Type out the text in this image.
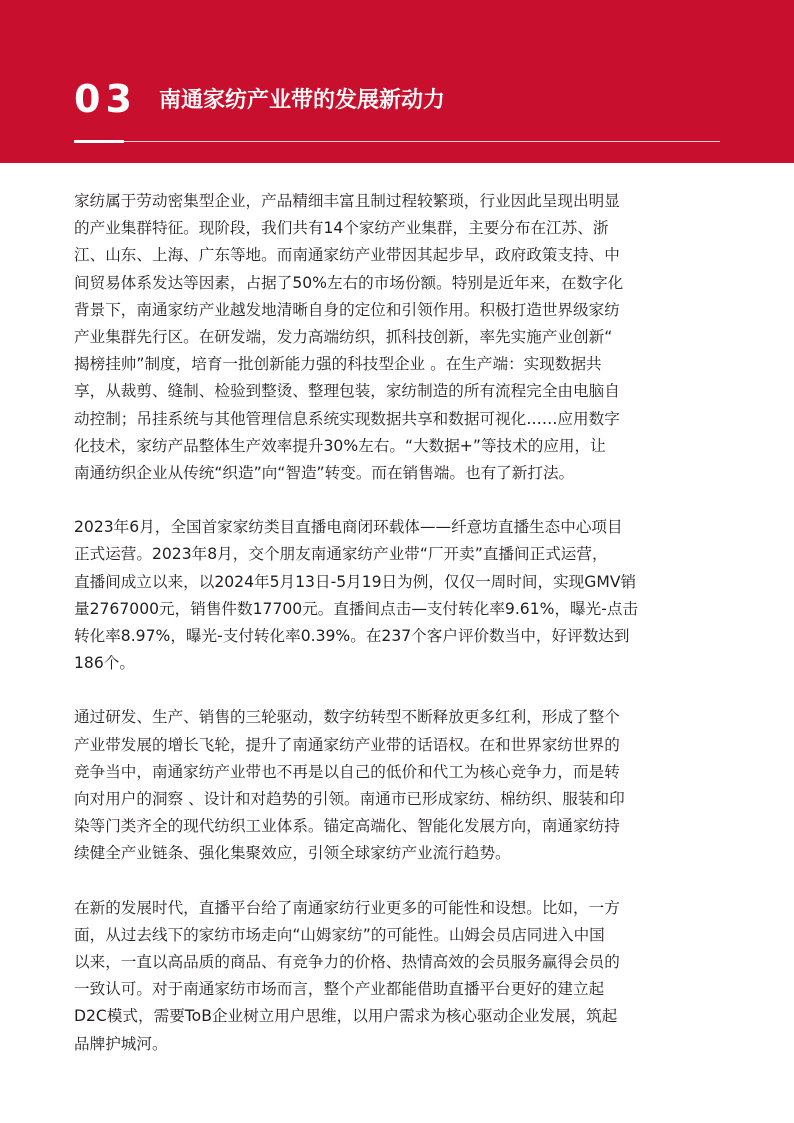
03 南通家纺产业带的发展新动力

家纺属于劳动密集型企业，产品精细丰富且制过程较繁琐，行业因此呈现出明显
的产业集群特征。现阶段，我们共有14个家纺产业集群，主要分布在江苏、浙
江、山东、上海、广东等地。而南通家纺产业带因其起步早，政府政策支持、中
间贸易体系发达等因素，占据了50%左右的市场份额。特别是近年来，在数字化
背景下，南通家纺产业越发地清晰自身的定位和引领作用。积极打造世界级家纺
产业集群先行区。在研发端，发力高端纺织，抓科技创新，率先实施产业创新“
揭榜挂帅”制度，培育一批创新能力强的科技型企业 。在生产端：实现数据共
享，从裁剪、缝制、检验到整烫、整理包装，家纺制造的所有流程完全由电脑自
动控制；吊挂系统与其他管理信息系统实现数据共享和数据可视化……应用数字
化技术，家纺产品整体生产效率提升30%左右。“大数据+”等技术的应用，让
南通纺织企业从传统“织造”向“智造”转变。而在销售端。也有了新打法。

2023年6月，全国首家家纺类目直播电商闭环载体——纤意坊直播生态中心项目
正式运营。2023年8月，交个朋友南通家纺产业带“厂开卖”直播间正式运营，
直播间成立以来，以2024年5月13日-5月19日为例，仅仅一周时间，实现GMV销
量2767000元，销售件数17700元。直播间点击—支付转化率9.61%，曝光-点击
转化率8.97%，曝光-支付转化率0.39%。在237个客户评价数当中，好评数达到
186个。

通过研发、生产、销售的三轮驱动，数字纺转型不断释放更多红利，形成了整个
产业带发展的增长飞轮，提升了南通家纺产业带的话语权。在和世界家纺世界的
竞争当中，南通家纺产业带也不再是以自己的低价和代工为核心竞争力，而是转
向对用户的洞察 、设计和对趋势的引领。南通市已形成家纺、棉纺织、服装和印
染等门类齐全的现代纺织工业体系。锚定高端化、智能化发展方向，南通家纺持
续健全产业链条、强化集聚效应，引领全球家纺产业流行趋势。

在新的发展时代，直播平台给了南通家纺行业更多的可能性和设想。比如，一方
面，从过去线下的家纺市场走向“山姆家纺”的可能性。山姆会员店同进入中国
以来，一直以高品质的商品、有竞争力的价格、热情高效的会员服务赢得会员的
一致认可。对于南通家纺市场而言，整个产业都能借助直播平台更好的建立起
D2C模式，需要ToB企业树立用户思维，以用户需求为核心驱动企业发展，筑起
品牌护城河。
